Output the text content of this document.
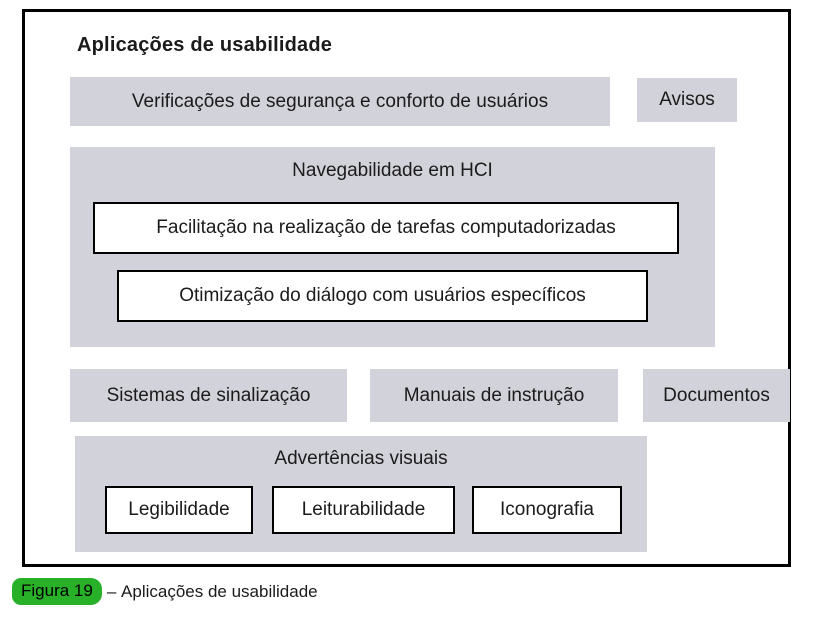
Aplicações de usabilidade
Verificações de segurança e conforto de usuários	Avisos
Navegabilidade em HCI
Facilitação na realização de tarefas computadorizadas
Otimização do diálogo com usuários específicos
Sistemas de sinalização	Manuais de instrução	Documentos
Advertências visuais
Legibilidade	Leiturabilidade	Iconografia
Figura 19 – Aplicações de usabilidade
